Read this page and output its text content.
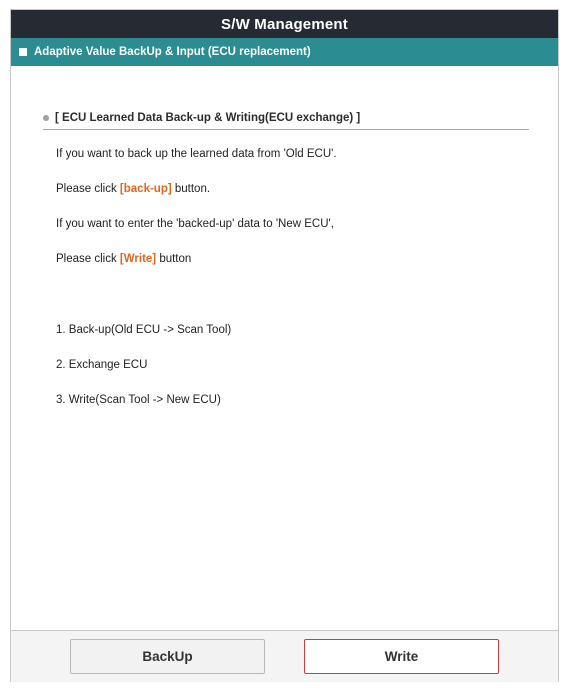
S/W Management
Adaptive Value BackUp & Input (ECU replacement)
[ ECU Learned Data Back-up & Writing(ECU exchange) ]
If you want to back up the learned data from 'Old ECU'.
Please click [back-up] button.
If you want to enter the 'backed-up' data to 'New ECU',
Please click [Write] button
1. Back-up(Old ECU -> Scan Tool)
2. Exchange ECU
3. Write(Scan Tool -> New ECU)
BackUp	Write
